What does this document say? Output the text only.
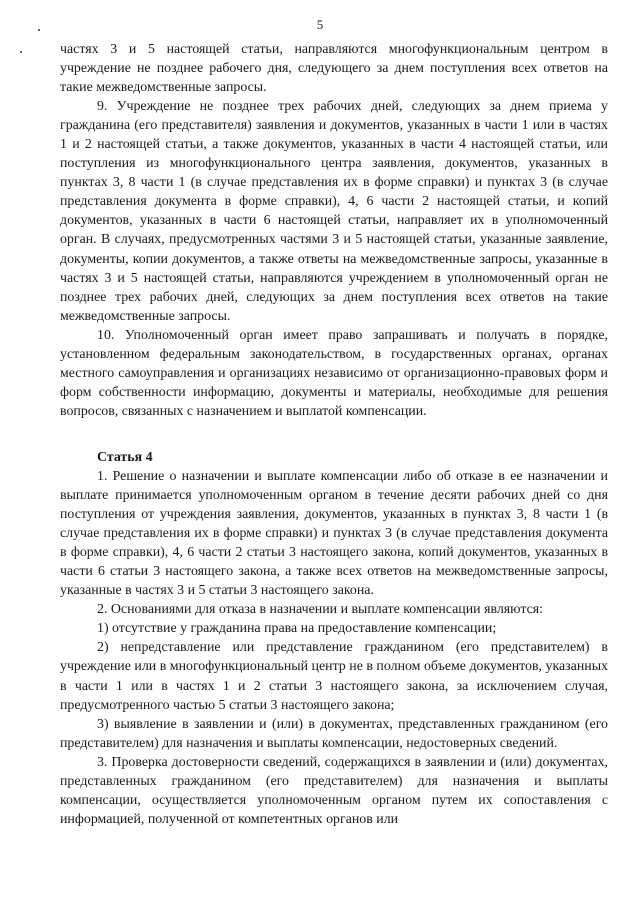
5

частях 3 и 5 настоящей статьи, направляются многофункциональным центром в учреждение не позднее рабочего дня, следующего за днем поступления всех ответов на такие межведомственные запросы.

9. Учреждение не позднее трех рабочих дней, следующих за днем приема у гражданина (его представителя) заявления и документов, указанных в части 1 или в частях 1 и 2 настоящей статьи, а также документов, указанных в части 4 настоящей статьи, или поступления из многофункционального центра заявления, документов, указанных в пунктах 3, 8 части 1 (в случае представления их в форме справки) и пунктах 3 (в случае представления документа в форме справки), 4, 6 части 2 настоящей статьи, и копий документов, указанных в части 6 настоящей статьи, направляет их в уполномоченный орган. В случаях, предусмотренных частями 3 и 5 настоящей статьи, указанные заявление, документы, копии документов, а также ответы на межведомственные запросы, указанные в частях 3 и 5 настоящей статьи, направляются учреждением в уполномоченный орган не позднее трех рабочих дней, следующих за днем поступления всех ответов на такие межведомственные запросы.

10. Уполномоченный орган имеет право запрашивать и получать в порядке, установленном федеральным законодательством, в государственных органах, органах местного самоуправления и организациях независимо от организационно-правовых форм и форм собственности информацию, документы и материалы, необходимые для решения вопросов, связанных с назначением и выплатой компенсации.

Статья 4

1. Решение о назначении и выплате компенсации либо об отказе в ее назначении и выплате принимается уполномоченным органом в течение десяти рабочих дней со дня поступления от учреждения заявления, документов, указанных в пунктах 3, 8 части 1 (в случае представления их в форме справки) и пунктах 3 (в случае представления документа в форме справки), 4, 6 части 2 статьи 3 настоящего закона, копий документов, указанных в части 6 статьи 3 настоящего закона, а также всех ответов на межведомственные запросы, указанные в частях 3 и 5 статьи 3 настоящего закона.

2. Основаниями для отказа в назначении и выплате компенсации являются:

1) отсутствие у гражданина права на предоставление компенсации;

2) непредставление или представление гражданином (его представителем) в учреждение или в многофункциональный центр не в полном объеме документов, указанных в части 1 или в частях 1 и 2 статьи 3 настоящего закона, за исключением случая, предусмотренного частью 5 статьи 3 настоящего закона;

3) выявление в заявлении и (или) в документах, представленных гражданином (его представителем) для назначения и выплаты компенсации, недостоверных сведений.

3. Проверка достоверности сведений, содержащихся в заявлении и (или) документах, представленных гражданином (его представителем) для назначения и выплаты компенсации, осуществляется уполномоченным органом путем их сопоставления с информацией, полученной от компетентных органов или
